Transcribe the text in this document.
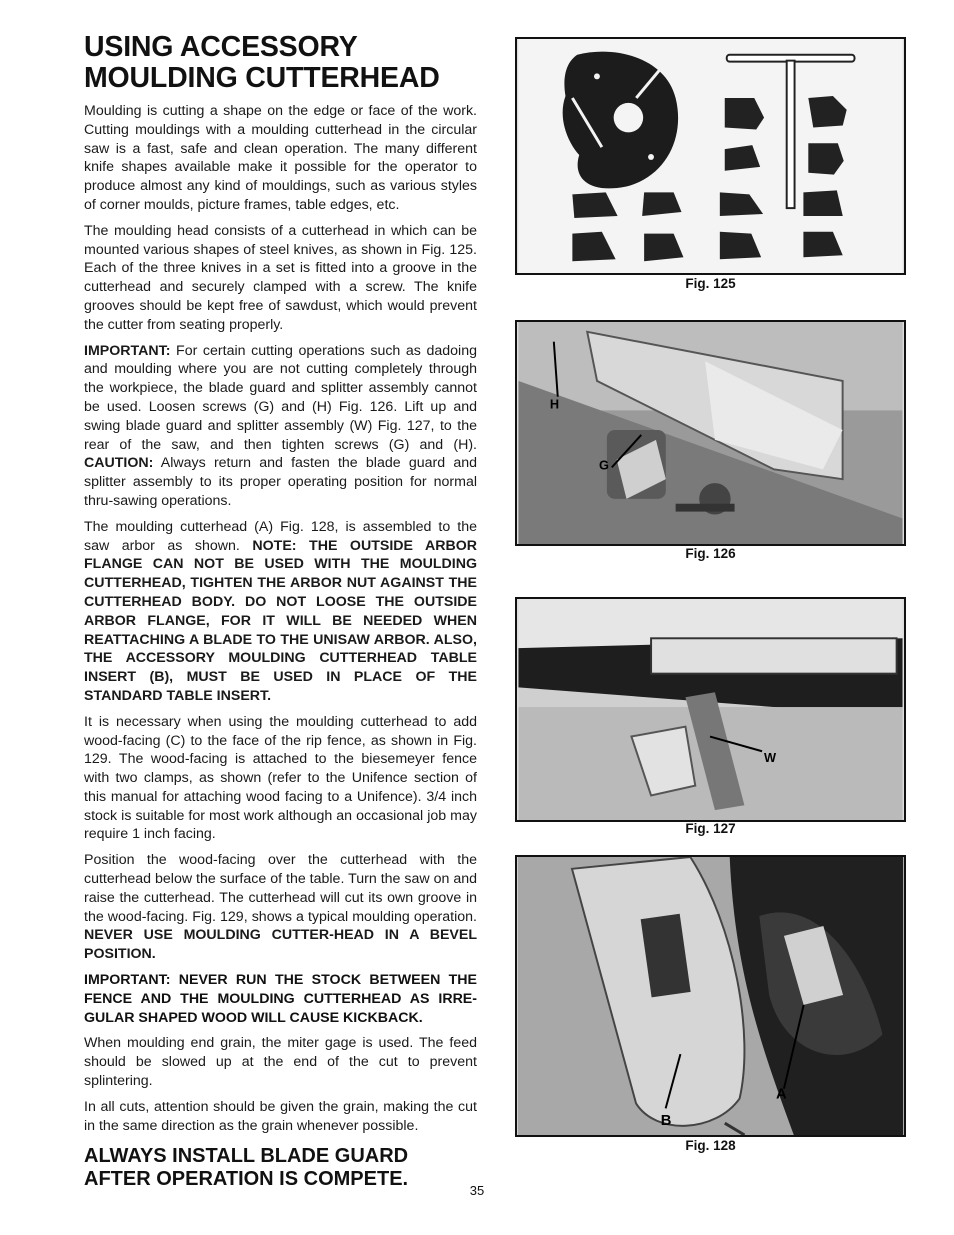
USING ACCESSORY
MOULDING CUTTERHEAD

Moulding is cutting a shape on the edge or face of the work. Cutting mouldings with a moulding cutterhead in the circular saw is a fast, safe and clean operation. The many different knife shapes available make it possible for the operator to produce almost any kind of mouldings, such as various styles of corner moulds, picture frames, table edges, etc.

The moulding head consists of a cutterhead in which can be mounted various shapes of steel knives, as shown in Fig. 125. Each of the three knives in a set is fitted into a groove in the cutterhead and securely clamped with a screw. The knife grooves should be kept free of sawdust, which would prevent the cutter from seating properly.

IMPORTANT: For certain cutting operations such as dadoing and moulding where you are not cutting completely through the workpiece, the blade guard and splitter assembly cannot be used. Loosen screws (G) and (H) Fig. 126. Lift up and swing blade guard and splitter assembly (W) Fig. 127, to the rear of the saw, and then tighten screws (G) and (H). CAUTION: Always return and fasten the blade guard and splitter assembly to its proper operating position for normal thru-sawing operations.

The moulding cutterhead (A) Fig. 128, is assembled to the saw arbor as shown. NOTE: THE OUTSIDE ARBOR FLANGE CAN NOT BE USED WITH THE MOULDING CUTTERHEAD, TIGHTEN THE ARBOR NUT AGAINST THE CUTTERHEAD BODY. DO NOT LOOSE THE OUTSIDE ARBOR FLANGE, FOR IT WILL BE NEEDED WHEN REATTACHING A BLADE TO THE UNISAW ARBOR. ALSO, THE ACCESSORY MOULDING CUTTERHEAD TABLE INSERT (B), MUST BE USED IN PLACE OF THE STANDARD TABLE INSERT.

It is necessary when using the moulding cutterhead to add wood-facing (C) to the face of the rip fence, as shown in Fig. 129. The wood-facing is attached to the biesemeyer fence with two clamps, as shown (refer to the Unifence section of this manual for attaching wood facing to a Unifence). 3/4 inch stock is suitable for most work although an occasional job may require 1 inch facing.

Position the wood-facing over the cutterhead with the cutterhead below the surface of the table. Turn the saw on and raise the cutterhead. The cutterhead will cut its own groove in the wood-facing. Fig. 129, shows a typical moulding operation. NEVER USE MOULDING CUTTER-HEAD IN A BEVEL POSITION.

IMPORTANT: NEVER RUN THE STOCK BETWEEN THE FENCE AND THE MOULDING CUTTERHEAD AS IRRE-GULAR SHAPED WOOD WILL CAUSE KICKBACK.

When moulding end grain, the miter gage is used. The feed should be slowed up at the end of the cut to prevent splintering.

In all cuts, attention should be given the grain, making the cut in the same direction as the grain whenever possible.

ALWAYS INSTALL BLADE GUARD
AFTER OPERATION IS COMPETE.
Fig. 125
H
G
Fig. 126
W
Fig. 127
A
B
Fig. 128
35
